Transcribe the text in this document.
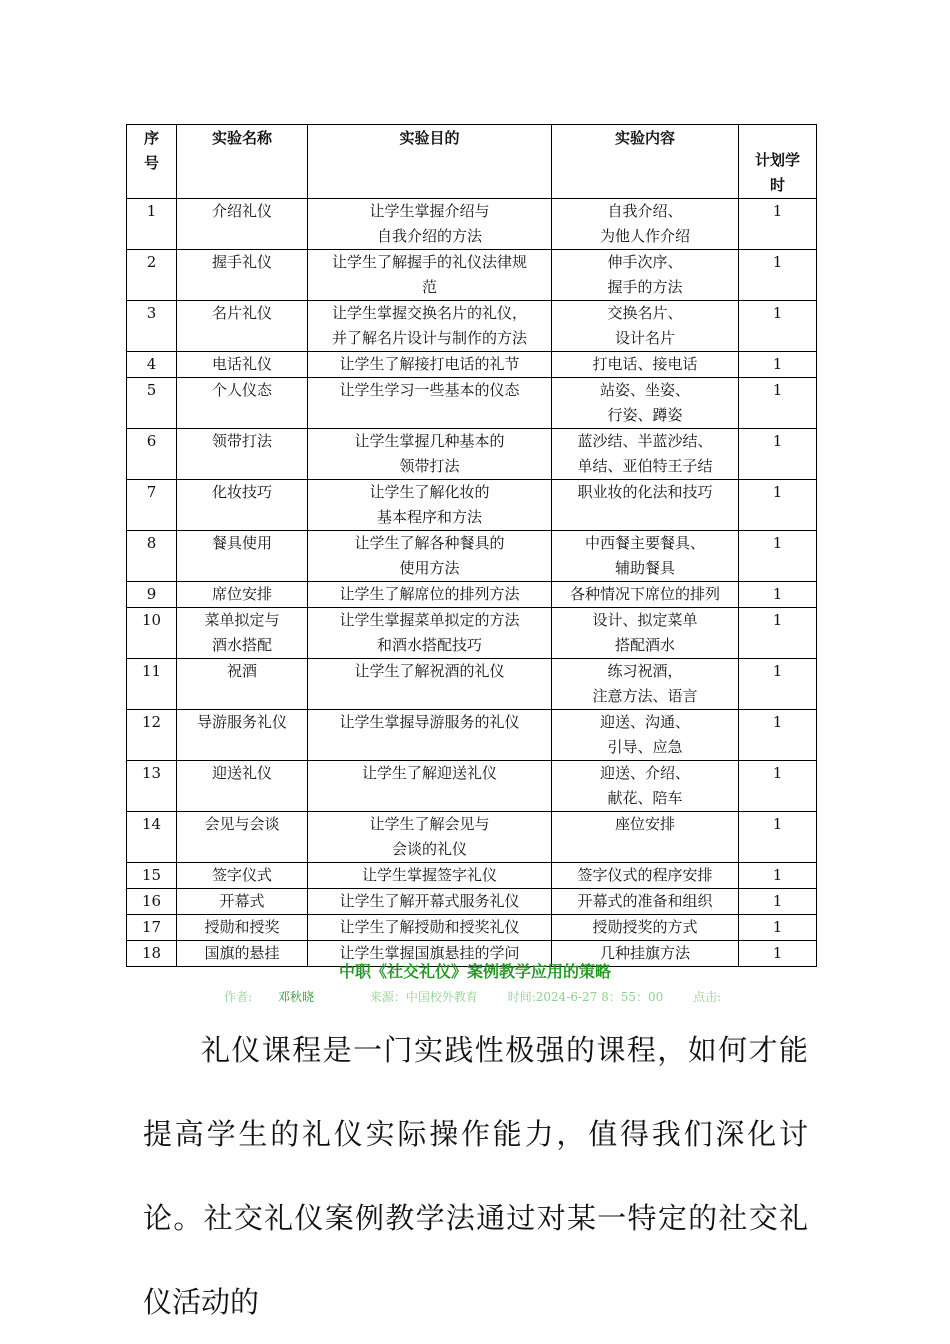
序
号	实验名称	实验目的	实验内容	计划学
时

1	介绍礼仪	让学生掌握介绍与
自我介绍的方法	自我介绍、
为他人作介绍	1
2	握手礼仪	让学生了解握手的礼仪法律规
范	伸手次序、
握手的方法	1
3	名片礼仪	让学生掌握交换名片的礼仪，
并了解名片设计与制作的方法	交换名片、
设计名片	1
4	电话礼仪	让学生了解接打电话的礼节	打电话、接电话	1
5	个人仪态	让学生学习一些基本的仪态	站姿、坐姿、
行姿、蹲姿	1
6	领带打法	让学生掌握几种基本的
领带打法	蓝沙结、半蓝沙结、
单结、亚伯特王子结	1
7	化妆技巧	让学生了解化妆的
基本程序和方法	职业妆的化法和技巧	1
8	餐具使用	让学生了解各种餐具的
使用方法	中西餐主要餐具、
辅助餐具	1
9	席位安排	让学生了解席位的排列方法	各种情况下席位的排列	1
10	菜单拟定与
酒水搭配	让学生掌握菜单拟定的方法
和酒水搭配技巧	设计、拟定菜单
搭配酒水	1
11	祝酒	让学生了解祝酒的礼仪	练习祝酒，
注意方法、语言	1
12	导游服务礼仪	让学生掌握导游服务的礼仪	迎送、沟通、
引导、应急	1
13	迎送礼仪	让学生了解迎送礼仪	迎送、介绍、
献花、陪车	1
14	会见与会谈	让学生了解会见与
会谈的礼仪	座位安排	1
15	签字仪式	让学生掌握签字礼仪	签字仪式的程序安排	1
16	开幕式	让学生了解开幕式服务礼仪	开幕式的准备和组织	1
17	授勋和授奖	让学生了解授勋和授奖礼仪	授勋授奖的方式	1
18	国旗的悬挂	让学生掌握国旗悬挂的学问	几种挂旗方法	1
中职《社交礼仪》案例教学应用的策略
作者: 邓秋晓	来源：中国校外教育 时间:2024-6-27 8：55：00 点击:

礼仪课程是一门实践性极强的课程，如何才能提高学生的礼仪实际操作能力，值得我们深化讨论。社交礼仪案例教学法通过对某一特定的社交礼仪活动的
